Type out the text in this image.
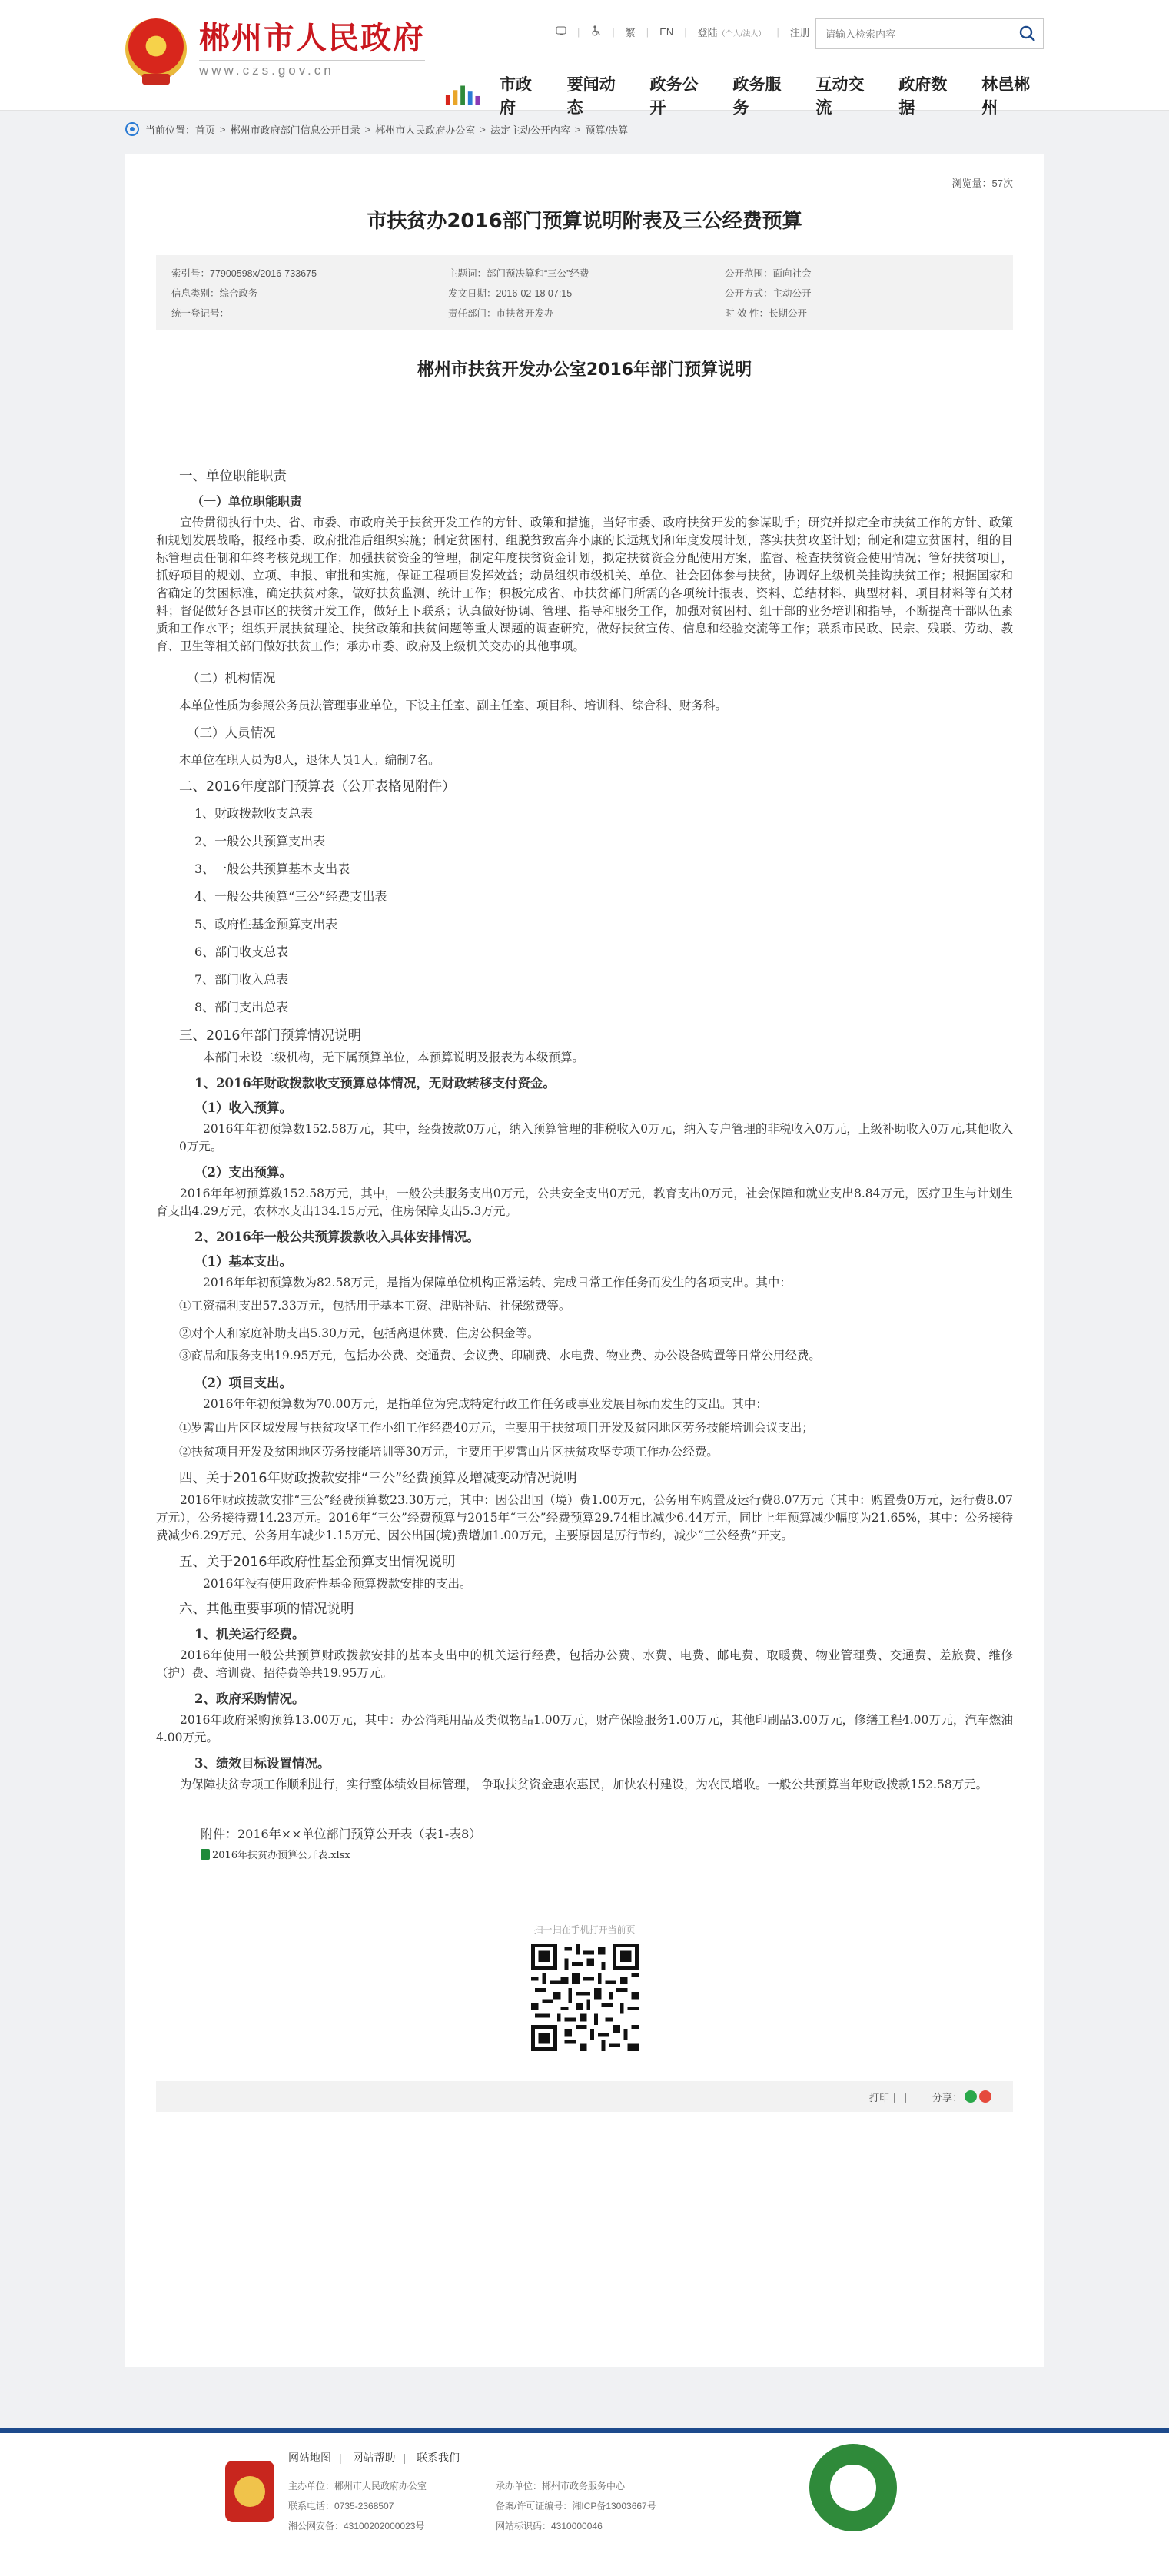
郴州市人民政府
www.czs.gov.cn
|	| 繁 | EN | 登陆（个人/法人） | 注册
请输入检索内容
市政府
要闻动态
政务公开
政务服务
互动交流
政府数据
林邑郴州
当前位置： 首页 > 郴州市政府部门信息公开目录 > 郴州市人民政府办公室 > 法定主动公开内容 > 预算/决算
浏览量：57次
市扶贫办2016部门预算说明附表及三公经费预算
索引号：77900598x/2016-733675	主题词：部门预决算和“三公”经费	公开范围：面向社会
信息类别：综合政务	发文日期：2016-02-18 07:15	公开方式：主动公开
统一登记号：	责任部门：市扶贫开发办	时 效 性：长期公开
郴州市扶贫开发办公室2016年部门预算说明
一、单位职能职责
（一）单位职能职责
宣传贯彻执行中央、省、市委、市政府关于扶贫开发工作的方针、政策和措施，当好市委、政府扶贫开发的参谋助手；研究并拟定全市扶贫工作的方针、政策和规划发展战略，报经市委、政府批准后组织实施；制定贫困村、组脱贫致富奔小康的长远规划和年度发展计划，落实扶贫攻坚计划；制定和建立贫困村，组的目标管理责任制和年终考核兑现工作；加强扶贫资金的管理，制定年度扶贫资金计划，拟定扶贫资金分配使用方案，监督、检查扶贫资金使用情况；管好扶贫项目，抓好项目的规划、立项、申报、审批和实施，保证工程项目发挥效益；动员组织市级机关、单位、社会团体参与扶贫，协调好上级机关挂钩扶贫工作；根据国家和省确定的贫困标准，确定扶贫对象，做好扶贫监测、统计工作；积极完成省、市扶贫部门所需的各项统计报表、资料、总结材料、典型材料、项目材料等有关材料；督促做好各县市区的扶贫开发工作，做好上下联系；认真做好协调、管理、指导和服务工作，加强对贫困村、组干部的业务培训和指导，不断提高干部队伍素质和工作水平；组织开展扶贫理论、扶贫政策和扶贫问题等重大课题的调查研究，做好扶贫宣传、信息和经验交流等工作；联系市民政、民宗、残联、劳动、教育、卫生等相关部门做好扶贫工作；承办市委、政府及上级机关交办的其他事项。
（二）机构情况
本单位性质为参照公务员法管理事业单位，下设主任室、副主任室、项目科、培训科、综合科、财务科。
（三）人员情况
本单位在职人员为8人，退休人员1人。编制7名。
二、2016年度部门预算表（公开表格见附件）
1、财政拨款收支总表
2、一般公共预算支出表
3、一般公共预算基本支出表
4、一般公共预算“三公”经费支出表
5、政府性基金预算支出表
6、部门收支总表
7、部门收入总表
8、部门支出总表
三、2016年部门预算情况说明
本部门未设二级机构，无下属预算单位，本预算说明及报表为本级预算。
1、2016年财政拨款收支预算总体情况，无财政转移支付资金。
（1）收入预算。
2016年年初预算数152.58万元，其中，经费拨款0万元，纳入预算管理的非税收入0万元，纳入专户管理的非税收入0万元，上级补助收入0万元,其他收入0万元。
（2）支出预算。
2016年年初预算数152.58万元，其中，一般公共服务支出0万元，公共安全支出0万元，教育支出0万元，社会保障和就业支出8.84万元，医疗卫生与计划生育支出4.29万元，农林水支出134.15万元，住房保障支出5.3万元。
2、2016年一般公共预算拨款收入具体安排情况。
（1）基本支出。
2016年年初预算数为82.58万元，是指为保障单位机构正常运转、完成日常工作任务而发生的各项支出。其中：
①工资福利支出57.33万元，包括用于基本工资、津贴补贴、社保缴费等。
②对个人和家庭补助支出5.30万元，包括离退休费、住房公积金等。
③商品和服务支出19.95万元，包括办公费、交通费、会议费、印刷费、水电费、物业费、办公设备购置等日常公用经费。
（2）项目支出。
2016年年初预算数为70.00万元，是指单位为完成特定行政工作任务或事业发展目标而发生的支出。其中：
①罗霄山片区区域发展与扶贫攻坚工作小组工作经费40万元，主要用于扶贫项目开发及贫困地区劳务技能培训会议支出；
②扶贫项目开发及贫困地区劳务技能培训等30万元，主要用于罗霄山片区扶贫攻坚专项工作办公经费。
四、关于2016年财政拨款安排“三公”经费预算及增减变动情况说明
2016年财政拨款安排“三公”经费预算数23.30万元，其中：因公出国（境）费1.00万元，公务用车购置及运行费8.07万元（其中：购置费0万元，运行费8.07万元），公务接待费14.23万元。2016年“三公”经费预算与2015年“三公”经费预算29.74相比减少6.44万元，同比上年预算减少幅度为21.65%，其中：公务接待费减少6.29万元、公务用车减少1.15万元、因公出国(境)费增加1.00万元，主要原因是厉行节约，减少“三公经费”开支。
五、关于2016年政府性基金预算支出情况说明
2016年没有使用政府性基金预算拨款安排的支出。
六、其他重要事项的情况说明
1、机关运行经费。
2016年使用一般公共预算财政拨款安排的基本支出中的机关运行经费，包括办公费、水费、电费、邮电费、取暖费、物业管理费、交通费、差旅费、维修（护）费、培训费、招待费等共19.95万元。
2、政府采购情况。
2016年政府采购预算13.00万元，其中：办公消耗用品及类似物品1.00万元，财产保险服务1.00万元，其他印刷品3.00万元，修缮工程4.00万元，汽车燃油4.00万元。
3、绩效目标设置情况。
为保障扶贫专项工作顺利进行，实行整体绩效目标管理， 争取扶贫资金惠农惠民，加快农村建设，为农民增收。一般公共预算当年财政拨款152.58万元。
附件：2016年××单位部门预算公开表（表1-表8）
2016年扶贫办预算公开表.xlsx
扫一扫在手机打开当前页
打印	分享：
网站地图 | 网站帮助 | 联系我们
主办单位：郴州市人民政府办公室	承办单位：郴州市政务服务中心
联系电话：0735-2368507	备案/许可证编号：湘ICP备13003667号
湘公网安备：43100202000023号	网站标识码：4310000046
